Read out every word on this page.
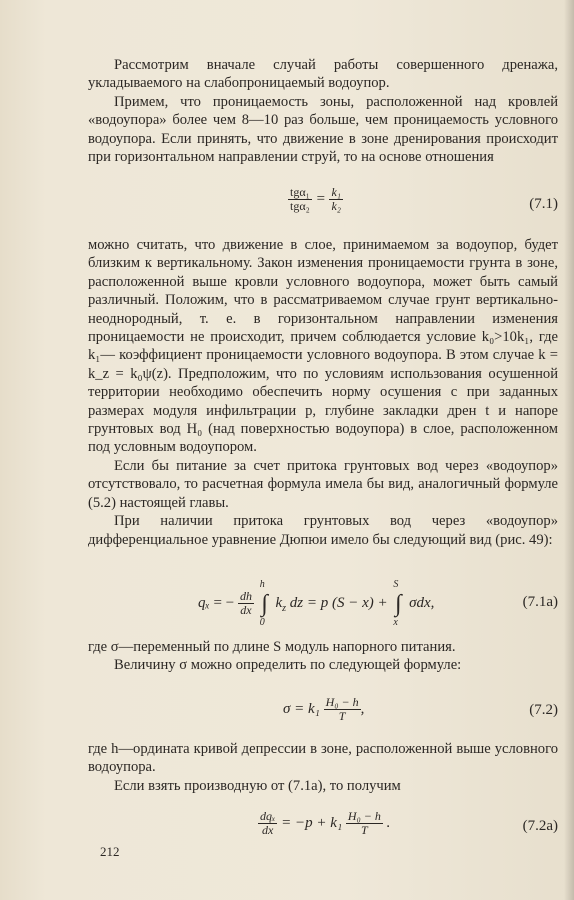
Рассмотрим вначале случай работы совершенного дренажа, укладываемого на слабопроницаемый водоупор.

Примем, что проницаемость зоны, расположенной над кровлей «водоупора» более чем 8—10 раз больше, чем проницаемость условного водоупора. Если принять, что движение в зоне дренирования происходит при горизонтальном направлении струй, то на основе отношения

$\frac{\text{tgα₁}}{\text{tgα₂}} = \frac{\text{k₁}}{\text{k₂}}$	(7.1)

можно считать, что движение в слое, принимаемом за водоупор, будет близким к вертикальному. Закон изменения проницаемости грунта в зоне, расположенной выше кровли условного водоупора, может быть самый различный. Положим, что в рассматриваемом случае грунт вертикально-неоднородный, т. е. в горизонтальном направлении изменения проницаемости не происходит, причем соблюдается условие k₀>10k₁, где k₁— коэффициент проницаемости условного водоупора. В этом случае k = k_z = k₀ψ(z). Предположим, что по условиям использования осушенной территории необходимо обеспечить норму осушения c при заданных размерах модуля инфильтрации p, глубине закладки дрен t и напоре грунтовых вод H₀ (над поверхностью водоупора) в слое, расположенном под условным водоупором.

Если бы питание за счет притока грунтовых вод через «водоупор» отсутствовало, то расчетная формула имела бы вид, аналогичный формуле (5.2) настоящей главы.

При наличии притока грунтовых вод через «водоупор» дифференциальное уравнение Дюпюи имело бы следующий вид (рис. 49):

qₓ = − $\frac{dh}{dx}$ ∫
h
0
$k_z$ dz = p (S − x) + ∫
S
x
σdx,	(7.1а)

где σ—переменный по длине S модуль напорного питания.

Величину σ можно определить по следующей формуле:

$\sigma = k_1 \frac{\text{H₀ − h}}{T}$ ,	(7.2)

где h—ордината кривой депрессии в зоне, расположенной выше условного водоупора.

Если взять производную от (7.1а), то получим

$\frac{\text{dqₓ}}{dx} = -p + k_1 \frac{\text{H₀ − h}}{T}$ .	(7.2а)
212
